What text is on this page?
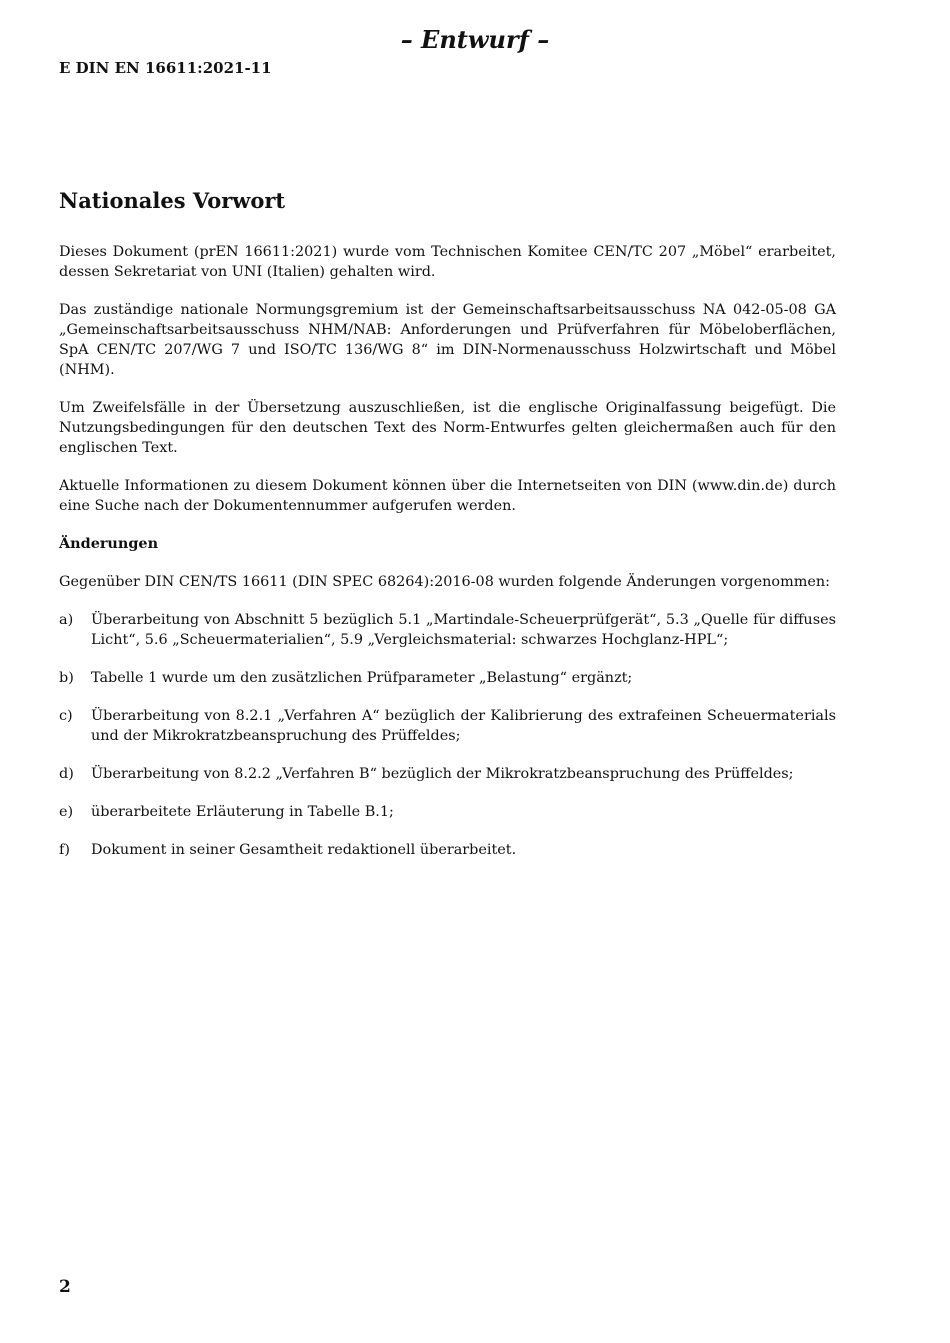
– Entwurf –
E DIN EN 16611:2021-11
Nationales Vorwort

Dieses Dokument (prEN 16611:2021) wurde vom Technischen Komitee CEN/TC 207 „Möbel“ erarbeitet, dessen Sekretariat von UNI (Italien) gehalten wird.

Das zuständige nationale Normungsgremium ist der Gemeinschaftsarbeitsausschuss NA 042-05-08 GA „Gemeinschaftsarbeitsausschuss NHM/NAB: Anforderungen und Prüfverfahren für Möbeloberflächen, SpA CEN/TC 207/WG 7 und ISO/TC 136/WG 8“ im DIN-Normenausschuss Holzwirtschaft und Möbel (NHM).

Um Zweifelsfälle in der Übersetzung auszuschließen, ist die englische Originalfassung beigefügt. Die Nutzungsbedingungen für den deutschen Text des Norm-Entwurfes gelten gleichermaßen auch für den englischen Text.

Aktuelle Informationen zu diesem Dokument können über die Internetseiten von DIN (www.din.de) durch eine Suche nach der Dokumentennummer aufgerufen werden.

Änderungen

Gegenüber DIN CEN/TS 16611 (DIN SPEC 68264):2016-08 wurden folgende Änderungen vorgenommen:

a)	Überarbeitung von Abschnitt 5 bezüglich 5.1 „Martindale-Scheuerprüfgerät“, 5.3 „Quelle für diffuses Licht“, 5.6 „Scheuermaterialien“, 5.9 „Vergleichsmaterial: schwarzes Hochglanz-HPL“;
b)	Tabelle 1 wurde um den zusätzlichen Prüfparameter „Belastung“ ergänzt;
c)	Überarbeitung von 8.2.1 „Verfahren A“ bezüglich der Kalibrierung des extrafeinen Scheuermaterials und der Mikrokratzbeanspruchung des Prüffeldes;
d)	Überarbeitung von 8.2.2 „Verfahren B“ bezüglich der Mikrokratzbeanspruchung des Prüffeldes;
e)	überarbeitete Erläuterung in Tabelle B.1;
f)	Dokument in seiner Gesamtheit redaktionell überarbeitet.
2
